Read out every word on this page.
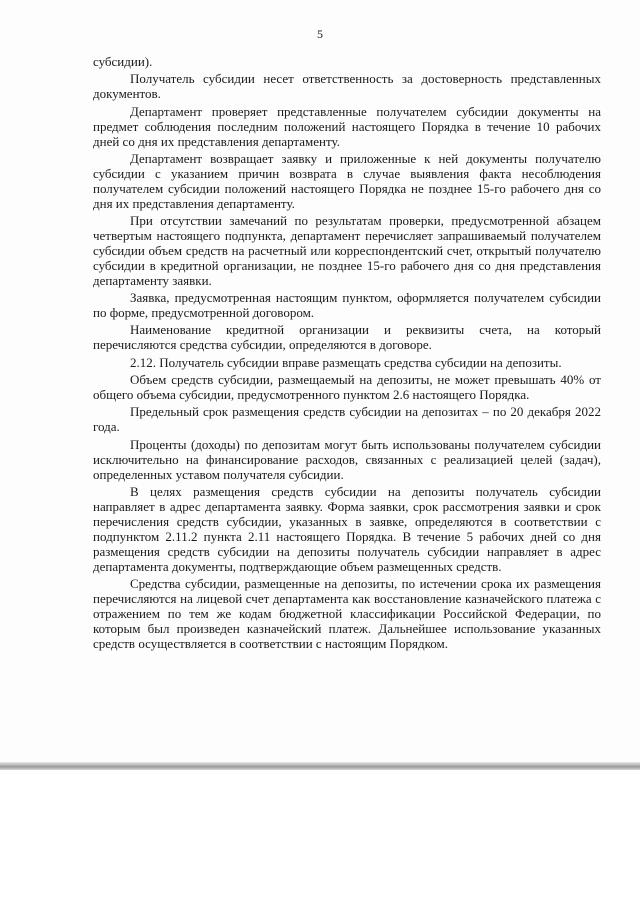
5

субсидии).

Получатель субсидии несет ответственность за достоверность представленных документов.

Департамент проверяет представленные получателем субсидии документы на предмет соблюдения последним положений настоящего Порядка в течение 10 рабочих дней со дня их представления департаменту.

Департамент возвращает заявку и приложенные к ней документы получателю субсидии с указанием причин возврата в случае выявления факта несоблюдения получателем субсидии положений настоящего Порядка не позднее 15-го рабочего дня со дня их представления департаменту.

При отсутствии замечаний по результатам проверки, предусмотренной абзацем четвертым настоящего подпункта, департамент перечисляет запрашиваемый получателем субсидии объем средств на расчетный или корреспондентский счет, открытый получателю субсидии в кредитной организации, не позднее 15-го рабочего дня со дня представления департаменту заявки.

Заявка, предусмотренная настоящим пунктом, оформляется получателем субсидии по форме, предусмотренной договором.

Наименование кредитной организации и реквизиты счета, на который перечисляются средства субсидии, определяются в договоре.

2.12. Получатель субсидии вправе размещать средства субсидии на депозиты.

Объем средств субсидии, размещаемый на депозиты, не может превышать 40% от общего объема субсидии, предусмотренного пунктом 2.6 настоящего Порядка.

Предельный срок размещения средств субсидии на депозитах – по 20 декабря 2022 года.

Проценты (доходы) по депозитам могут быть использованы получателем субсидии исключительно на финансирование расходов, связанных с реализацией целей (задач), определенных уставом получателя субсидии.

В целях размещения средств субсидии на депозиты получатель субсидии направляет в адрес департамента заявку. Форма заявки, срок рассмотрения заявки и срок перечисления средств субсидии, указанных в заявке, определяются в соответствии с подпунктом 2.11.2 пункта 2.11 настоящего Порядка. В течение 5 рабочих дней со дня размещения средств субсидии на депозиты получатель субсидии направляет в адрес департамента документы, подтверждающие объем размещенных средств.

Средства субсидии, размещенные на депозиты, по истечении срока их размещения перечисляются на лицевой счет департамента как восстановление казначейского платежа с отражением по тем же кодам бюджетной классификации Российской Федерации, по которым был произведен казначейский платеж. Дальнейшее использование указанных средств осуществляется в соответствии с настоящим Порядком.
